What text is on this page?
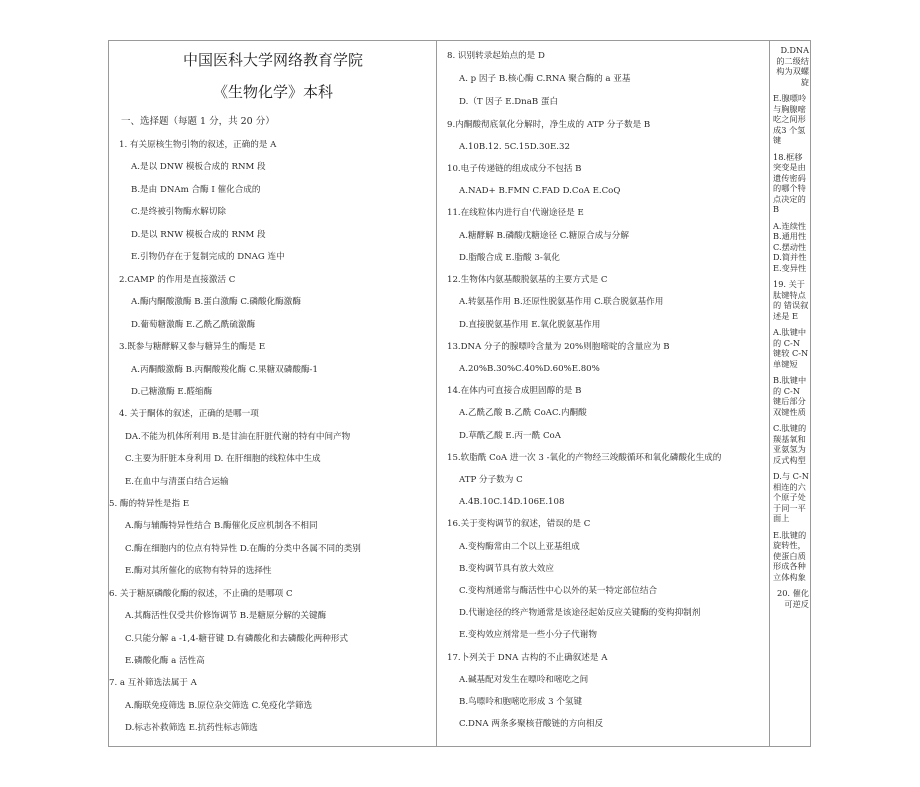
中国医科大学网络教育学院
《生物化学》本科
一、选择题（每题 1 分，共 20 分）
1. 有关原核生物引物的叙述，正确的是 A
A.是以 DNW 模板合成的 RNM 段
B.是由 DNAm 合酶 I 催化合成的
C.是终被引物酶水解切除
D.是以 RNW 模板合成的 RNM 段
E.引物仍存在于复制完成的 DNAG 连中
2.CAMP 的作用是直接激活 C
A.酶内酮酸激酶 B.蛋白激酶 C.磷酸化酶激酶
D.葡萄糖激酶 E.乙酰乙酰硫激酶
3.既参与糖酵解又参与糖异生的酶是 E
A.丙酮酸激酶 B.丙酮酸羧化酶 C.果糖双磷酸酶-1
D.己糖激酶 E.醛缩酶
4. 关于酮体的叙述，正确的是哪一项
DA.不能为机体所利用 B.是甘油在肝脏代谢的特有中间产物
C.主要为肝脏本身利用 D. 在肝细胞的线粒体中生成
E.在血中与清蛋白结合运输
5. 酶的特异性是指 E
A.酶与辅酶特异性结合 B.酶催化反应机制各不相同
C.酶在细胞内的位点有特异性 D.在酶的分类中各属不同的类别
E.酶对其所催化的底物有特异的选择性
6. 关于糖原磷酸化酶的叙述，不止确的是哪项 C
A.其酶活性仅受共价修饰调节 B.是糖原分解的关键酶
C.只能分解 a -1,4-糖苷键 D.有磷酸化和去磷酸化两种形式
E.磷酸化酶 a 活性高
7. a 互补筛选法属于 A
A.酶联免疫筛选 B.原位杂交筛选 C.免疫化学筛选
D.标志补救筛选 E.抗药性标志筛选
8. 识别转录起始点的是 D
A. p 因子 B.核心酶 C.RNA 聚合酶的 a 亚基
D.（T 因子 E.DnaB 蛋白
9.内酮酸彻底氧化分解时，净生成的 ATP 分子数是 B
A.10B.12. 5C.15D.30E.32
10.电子传递链的组成成分不包括 B
A.NAD+ B.FMN C.FAD D.CoA E.CoQ
11.在线粒体内进行自'代谢途径是 E
A.糖酵解 B.磷酸戊糖途径 C.糖原合成与分解
D.脂酸合成 E.脂酸 3-氧化
12.生物体内氨基酸脱氨基的主要方式是 C
A.转氨基作用 B.还原性脱氨基作用 C.联合脱氨基作用
D.直接脱氨基作用 E.氧化脱氨基作用
13.DNA 分子的腺嘌呤含量为 20%则胞嘧啶的含量应为 B
A.20%B.30%C.40%D.60%E.80%
14.在体内可直接合成胆固醇的是 B
A.乙酰乙酸 B.乙酰 CoAC.内酮酸
D.草酰乙酸 E.丙一酰 CoA
15.软脂酰 CoA 进一次 3 -氧化的产物经三竣酸循环和氧化磷酸化生成的
ATP 分子数为 C
A.4B.10C.14D.106E.108
16.关于变构调节的叙述，错误的是 C
A.变构酶常由二个以上亚基组成
B.变构调节具有放大效应
C.变构剂通常与酶活性中心以外的某一特定部位结合
D.代谢途径的终产物通常是该途径起始反应关键酶的变构抑制剂
E.变构效应剂常是一些小分子代谢物
17.卜列关于 DNA 古构的不止确叙述是 A
A.碱基配对发生在嘌呤和嘧吃之间
B.鸟嘌呤和胞嘧吃形成 3 个氢键
C.DNA 两条多聚核苷酸链的方向相反

D.DNA 的二级结构为双螺旋

E.腺嘌呤与胸腺嘧吃之间形成3 个氢键

18.框移突变是由遗传密码的哪个特点决定的 B

A.连续性 B.通用性 C.摆动性 D.简并性 E.变异性

19. 关于肽键特点的 错误叙述是 E

A.肽键中的 C-N 键较 C-N 单键短

B.肽键中的 C-N 键后部分双键性质

C.肽键的羰基氧和亚氨氢为反式构型

D.与 C-N 相连的六个原子处于同一平面上

E.肽键的旋转性，使蛋白质形成各种立体构象

20. 催化可逆反
